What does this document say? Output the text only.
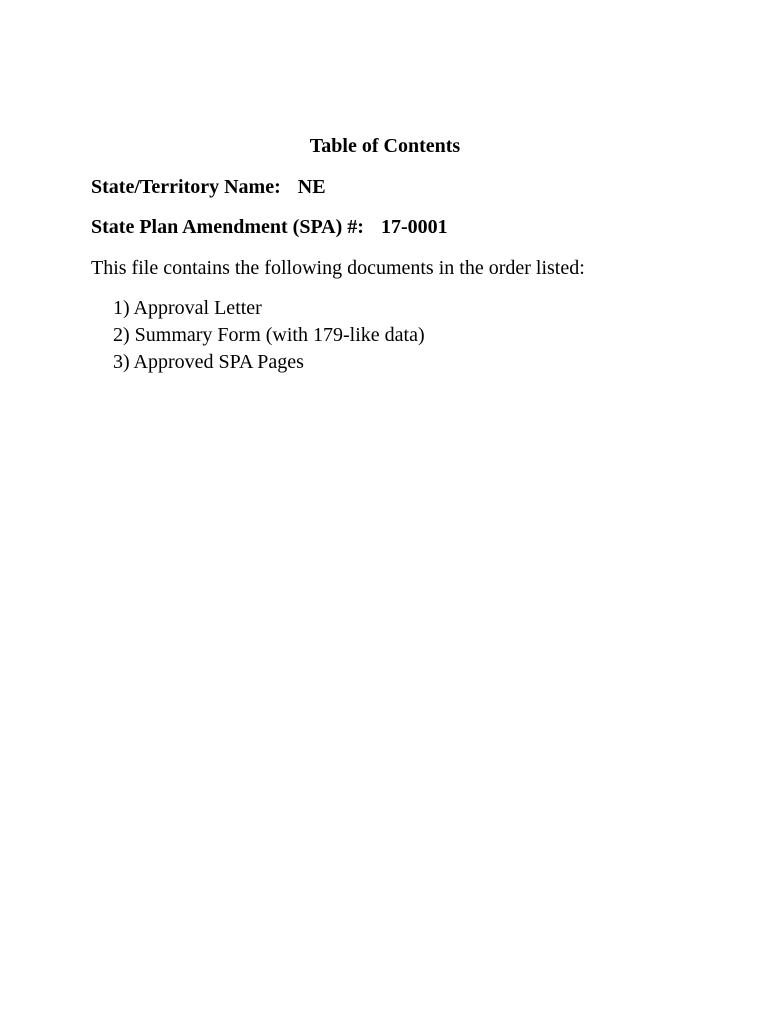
Table of Contents
State/Territory Name: NE
State Plan Amendment (SPA) #: 17-0001
This file contains the following documents in the order listed:
1) Approval Letter
2) Summary Form (with 179-like data)
3) Approved SPA Pages
